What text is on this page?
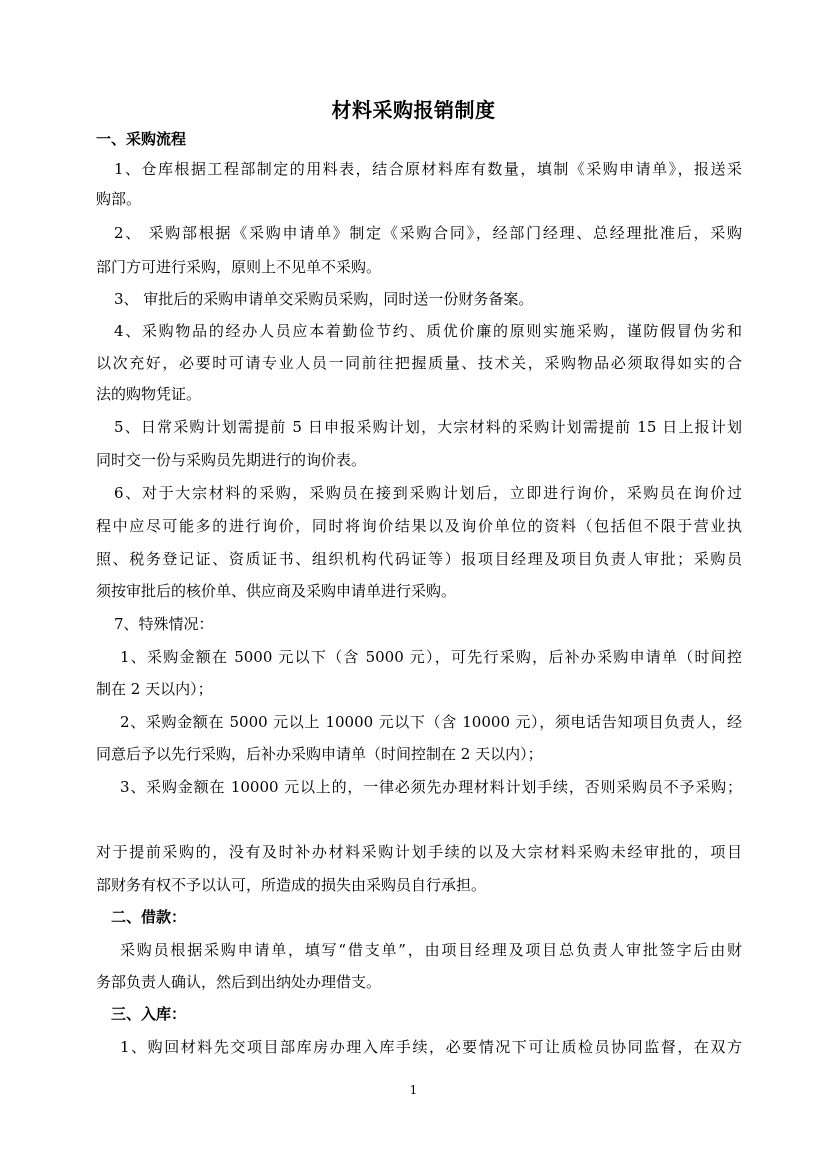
材料采购报销制度
一、采购流程
1、仓库根据工程部制定的用料表，结合原材料库有数量，填制《采购申请单》，报送采
购部。
2、 采购部根据《采购申请单》制定《采购合同》，经部门经理、总经理批准后，采购
部门方可进行采购，原则上不见单不采购。
3、 审批后的采购申请单交采购员采购，同时送一份财务备案。
4、采购物品的经办人员应本着勤俭节约、质优价廉的原则实施采购，谨防假冒伪劣和
以次充好，必要时可请专业人员一同前往把握质量、技术关，采购物品必须取得如实的合
法的购物凭证。
5、日常采购计划需提前 5 日申报采购计划，大宗材料的采购计划需提前 15 日上报计划
同时交一份与采购员先期进行的询价表。
6、对于大宗材料的采购，采购员在接到采购计划后，立即进行询价，采购员在询价过
程中应尽可能多的进行询价，同时将询价结果以及询价单位的资料（包括但不限于营业执
照、税务登记证、资质证书、组织机构代码证等）报项目经理及项目负责人审批；采购员
须按审批后的核价单、供应商及采购申请单进行采购。
7、特殊情况：
1、采购金额在 5000 元以下（含 5000 元），可先行采购，后补办采购申请单（时间控
制在 2 天以内）；
2、采购金额在 5000 元以上 10000 元以下（含 10000 元），须电话告知项目负责人，经
同意后予以先行采购，后补办采购申请单（时间控制在 2 天以内）；
3、采购金额在 10000 元以上的，一律必须先办理材料计划手续，否则采购员不予采购；
对于提前采购的，没有及时补办材料采购计划手续的以及大宗材料采购未经审批的，项目
部财务有权不予以认可，所造成的损失由采购员自行承担。
二、借款：
采购员根据采购申请单，填写“借支单”，由项目经理及项目总负责人审批签字后由财
务部负责人确认，然后到出纳处办理借支。
三、入库：
1、购回材料先交项目部库房办理入库手续，必要情况下可让质检员协同监督，在双方
1
